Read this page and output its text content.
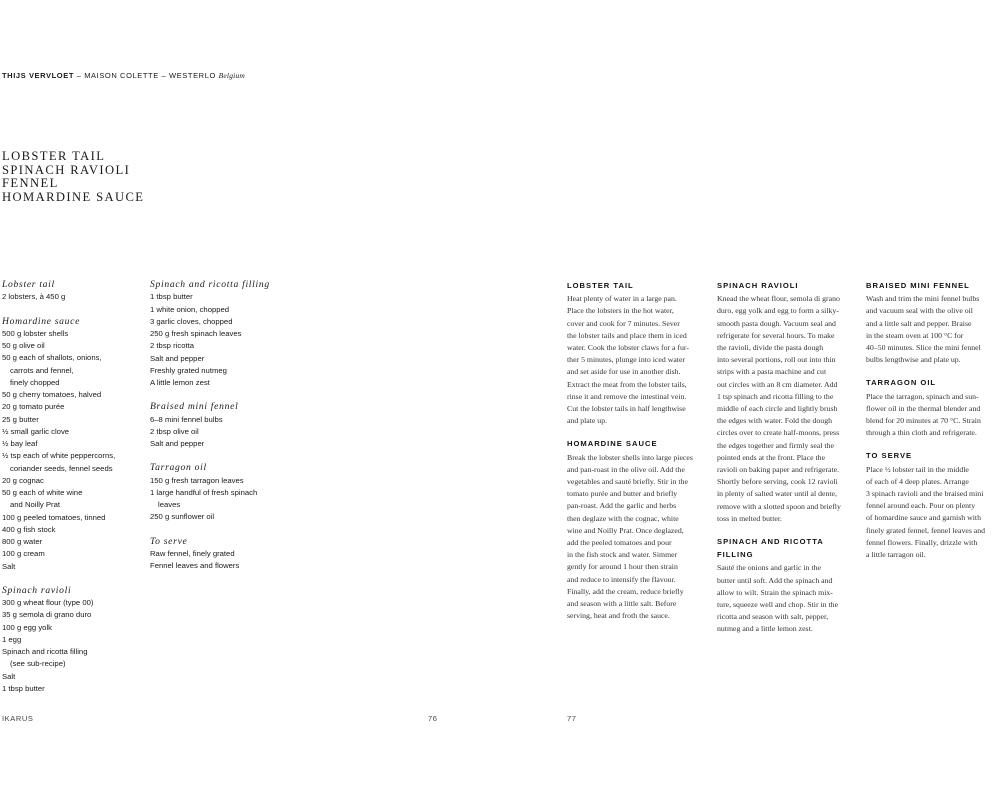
THIJS VERVLOET – MAISON COLETTE – WESTERLO Belgium
LOBSTER TAIL
SPINACH RAVIOLI
FENNEL
HOMARDINE SAUCE
Lobster tail
2 lobsters, à 450 g
Homardine sauce
500 g lobster shells
50 g olive oil
50 g each of shallots, onions,
carrots and fennel,
finely chopped
50 g cherry tomatoes, halved
20 g tomato purée
25 g butter
½ small garlic clove
½ bay leaf
½ tsp each of white peppercorns,
coriander seeds, fennel seeds
20 g cognac
50 g each of white wine
and Noilly Prat
100 g peeled tomatoes, tinned
400 g fish stock
800 g water
100 g cream
Salt
Spinach ravioli
300 g wheat flour (type 00)
35 g semola di grano duro
100 g egg yolk
1 egg
Spinach and ricotta filling
(see sub-recipe)
Salt
1 tbsp butter
Spinach and ricotta filling
1 tbsp butter
1 white onion, chopped
3 garlic cloves, chopped
250 g fresh spinach leaves
2 tbsp ricotta
Salt and pepper
Freshly grated nutmeg
A little lemon zest
Braised mini fennel
6–8 mini fennel bulbs
2 tbsp olive oil
Salt and pepper
Tarragon oil
150 g fresh tarragon leaves
1 large handful of fresh spinach
leaves
250 g sunflower oil
To serve
Raw fennel, finely grated
Fennel leaves and flowers
LOBSTER TAIL
Heat plenty of water in a large pan.
Place the lobsters in the hot water,
cover and cook for 7 minutes. Sever
the lobster tails and place them in iced
water. Cook the lobster claws for a fur-
ther 5 minutes, plunge into iced water
and set aside for use in another dish.
Extract the meat from the lobster tails,
rinse it and remove the intestinal vein.
Cut the lobster tails in half lengthwise
and plate up.
HOMARDINE SAUCE
Break the lobster shells into large pieces
and pan-roast in the olive oil. Add the
vegetables and sauté briefly. Stir in the
tomato purée and butter and briefly
pan-roast. Add the garlic and herbs
then deglaze with the cognac, white
wine and Noilly Prat. Once deglazed,
add the peeled tomatoes and pour
in the fish stock and water. Simmer
gently for around 1 hour then strain
and reduce to intensify the flavour.
Finally, add the cream, reduce briefly
and season with a little salt. Before
serving, heat and froth the sauce.
SPINACH RAVIOLI
Knead the wheat flour, semola di grano
duro, egg yolk and egg to form a silky-
smooth pasta dough. Vacuum seal and
refrigerate for several hours. To make
the ravioli, divide the pasta dough
into several portions, roll out into thin
strips with a pasta machine and cut
out circles with an 8 cm diameter. Add
1 tsp spinach and ricotta filling to the
middle of each circle and lightly brush
the edges with water. Fold the dough
circles over to create half-moons, press
the edges together and firmly seal the
pointed ends at the front. Place the
ravioli on baking paper and refrigerate.
Shortly before serving, cook 12 ravioli
in plenty of salted water until al dente,
remove with a slotted spoon and briefly
toss in melted butter.
SPINACH AND RICOTTA
FILLING
Sauté the onions and garlic in the
butter until soft. Add the spinach and
allow to wilt. Strain the spinach mix-
ture, squeeze well and chop. Stir in the
ricotta and season with salt, pepper,
nutmeg and a little lemon zest.
BRAISED MINI FENNEL
Wash and trim the mini fennel bulbs
and vacuum seal with the olive oil
and a little salt and pepper. Braise
in the steam oven at 100 °C for
40–50 minutes. Slice the mini fennel
bulbs lengthwise and plate up.
TARRAGON OIL
Place the tarragon, spinach and sun-
flower oil in the thermal blender and
blend for 20 minutes at 70 °C. Strain
through a thin cloth and refrigerate.
TO SERVE
Place ½ lobster tail in the middle
of each of 4 deep plates. Arrange
3 spinach ravioli and the braised mini
fennel around each. Pour on plenty
of homardine sauce and garnish with
finely grated fennel, fennel leaves and
fennel flowers. Finally, drizzle with
a little tarragon oil.
IKARUS	76	77
